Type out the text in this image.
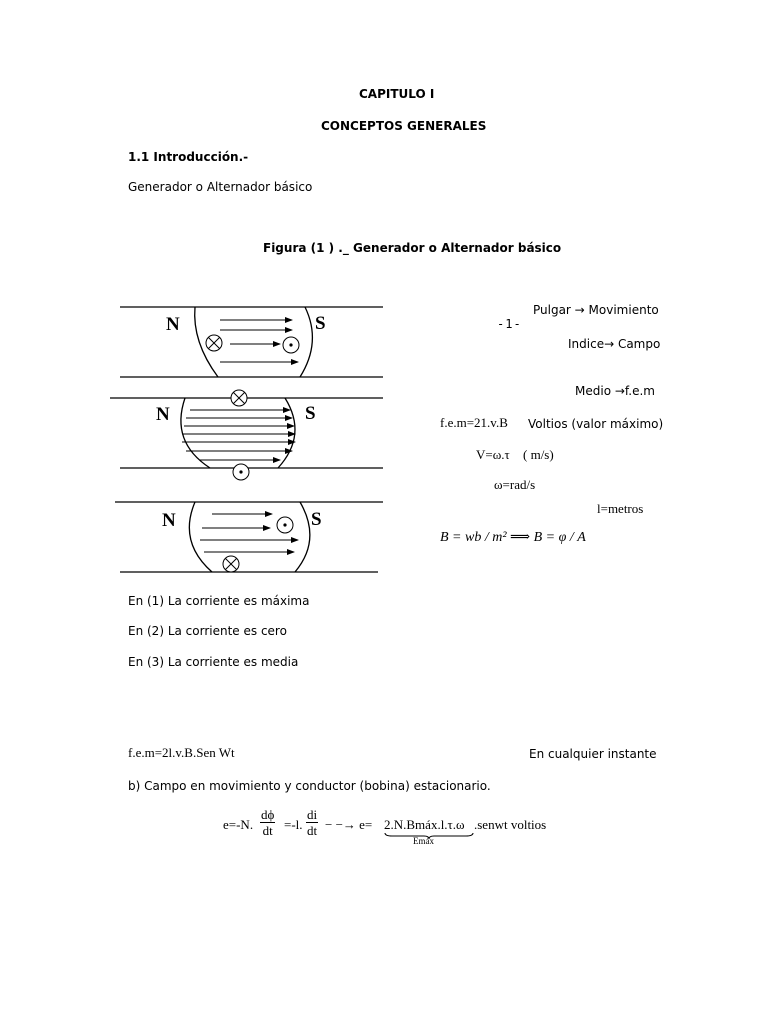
CAPITULO I
CONCEPTOS GENERALES
1.1 Introducción.-
Generador o Alternador básico
Figura (1 ) ._ Generador o Alternador básico
N	S
N	S
N	S
-1-
Pulgar → Movimiento
Indice→ Campo
Medio →f.e.m
f.e.m=21.v.B Voltios (valor máximo)
V=ω.τ ( m/s)
ω=rad/s
l=metros
B = wb / m² ⟹ B = φ / A
En (1) La corriente es máxima
En (2) La corriente es cero
En (3) La corriente es media
f.e.m=2l.v.B.Sen Wt	En cualquier instante
b) Campo en movimiento y conductor (bobina) estacionario.
e=-N. $\frac{d\phi}{dt} =-l$. $\frac{di}{dt}$ − −→ e= 2.N.Bmáx.l.τ.ω .senwt voltios
Emáx
